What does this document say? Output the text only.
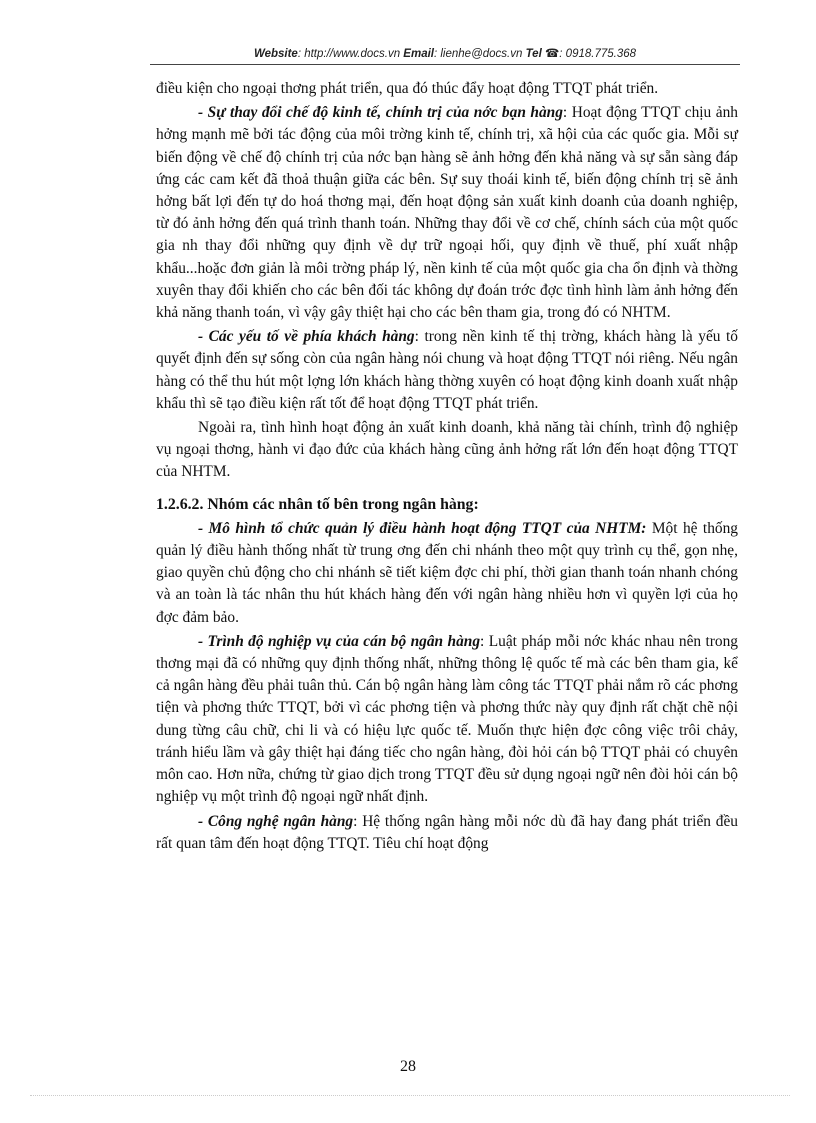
Website: http://www.docs.vn Email: lienhe@docs.vn Tel ☎: 0918.775.368

điều kiện cho ngoại thơng phát triển, qua đó thúc đẩy hoạt động TTQT phát triển.

- Sự thay đổi chế độ kinh tế, chính trị của nớc bạn hàng: Hoạt động TTQT chịu ảnh hởng mạnh mẽ bởi tác động của môi trờng kinh tế, chính trị, xã hội của các quốc gia. Mỗi sự biến động về chế độ chính trị của nớc bạn hàng sẽ ảnh hởng đến khả năng và sự sẵn sàng đáp ứng các cam kết đã thoả thuận giữa các bên. Sự suy thoái kinh tế, biến động chính trị sẽ ảnh hởng bất lợi đến tự do hoá thơng mại, đến hoạt động sản xuất kinh doanh của doanh nghiệp, từ đó ảnh hởng đến quá trình thanh toán. Những thay đổi về cơ chế, chính sách của một quốc gia nh thay đổi những quy định về dự trữ ngoại hối, quy định về thuế, phí xuất nhập khẩu...hoặc đơn giản là môi trờng pháp lý, nền kinh tế của một quốc gia cha ổn định và thờng xuyên thay đổi khiến cho các bên đối tác không dự đoán trớc đợc tình hình làm ảnh hởng đến khả năng thanh toán, vì vậy gây thiệt hại cho các bên tham gia, trong đó có NHTM.

- Các yếu tố về phía khách hàng: trong nền kinh tế thị trờng, khách hàng là yếu tố quyết định đến sự sống còn của ngân hàng nói chung và hoạt động TTQT nói riêng. Nếu ngân hàng có thể thu hút một lợng lớn khách hàng thờng xuyên có hoạt động kinh doanh xuất nhập khẩu thì sẽ tạo điều kiện rất tốt để hoạt động TTQT phát triển.

Ngoài ra, tình hình hoạt động ản xuất kinh doanh, khả năng tài chính, trình độ nghiệp vụ ngoại thơng, hành vi đạo đức của khách hàng cũng ảnh hởng rất lớn đến hoạt động TTQT của NHTM.

1.2.6.2. Nhóm các nhân tố bên trong ngân hàng:

- Mô hình tổ chức quản lý điều hành hoạt động TTQT của NHTM: Một hệ thống quản lý điều hành thống nhất từ trung ơng đến chi nhánh theo một quy trình cụ thể, gọn nhẹ, giao quyền chủ động cho chi nhánh sẽ tiết kiệm đợc chi phí, thời gian thanh toán nhanh chóng và an toàn là tác nhân thu hút khách hàng đến với ngân hàng nhiều hơn vì quyền lợi của họ đợc đảm bảo.

- Trình độ nghiệp vụ của cán bộ ngân hàng: Luật pháp mỗi nớc khác nhau nên trong thơng mại đã có những quy định thống nhất, những thông lệ quốc tế mà các bên tham gia, kể cả ngân hàng đều phải tuân thủ. Cán bộ ngân hàng làm công tác TTQT phải nắm rõ các phơng tiện và phơng thức TTQT, bởi vì các phơng tiện và phơng thức này quy định rất chặt chẽ nội dung từng câu chữ, chi li và có hiệu lực quốc tế. Muốn thực hiện đợc công việc trôi chảy, tránh hiểu lầm và gây thiệt hại đáng tiếc cho ngân hàng, đòi hỏi cán bộ TTQT phải có chuyên môn cao. Hơn nữa, chứng từ giao dịch trong TTQT đều sử dụng ngoại ngữ nên đòi hỏi cán bộ nghiệp vụ một trình độ ngoại ngữ nhất định.

- Công nghệ ngân hàng: Hệ thống ngân hàng mỗi nớc dù đã hay đang phát triển đều rất quan tâm đến hoạt động TTQT. Tiêu chí hoạt động

28
